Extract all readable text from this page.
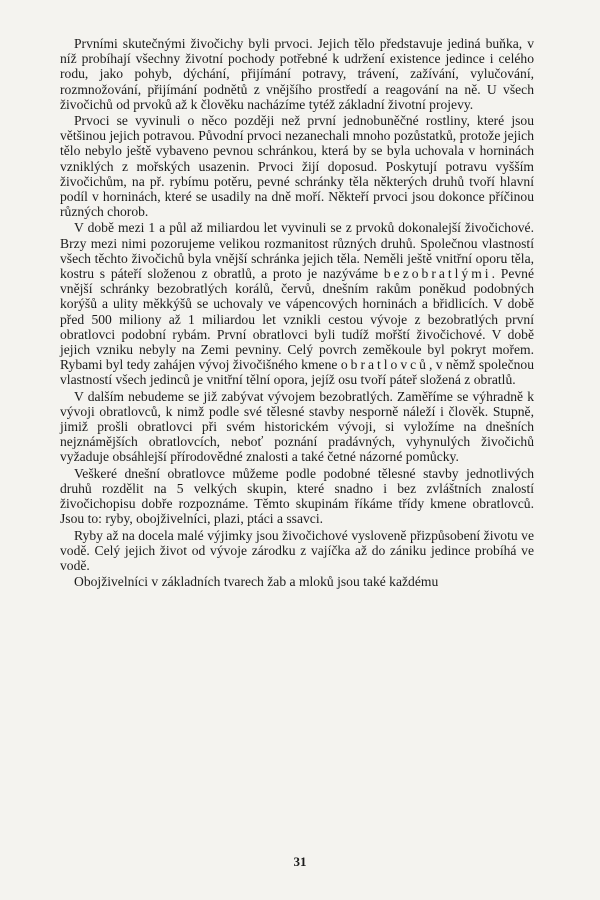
Prvními skutečnými živočichy byli prvoci. Jejich tělo představuje jediná buňka, v níž probíhají všechny životní pochody potřebné k udržení existence jedince i celého rodu, jako pohyb, dýchání, přijímání potravy, trávení, zažívání, vylučování, rozmnožování, přijímání podnětů z vnějšího prostředí a reagování na ně. U všech živočichů od prvoků až k člověku nacházíme tytéž základní životní projevy.

Prvoci se vyvinuli o něco později než první jednobuněčné rostliny, které jsou většinou jejich potravou. Původní prvoci nezanechali mnoho pozůstatků, protože jejich tělo nebylo ještě vybaveno pevnou schránkou, která by se byla uchovala v horninách vzniklých z mořských usazenin. Prvoci žijí doposud. Poskytují potravu vyšším živočichům, na př. rybímu potěru, pevné schránky těla některých druhů tvoří hlavní podíl v horninách, které se usadily na dně moří. Někteří prvoci jsou dokonce příčinou různých chorob.

V době mezi 1 a půl až miliardou let vyvinuli se z prvoků dokonalejší živočichové. Brzy mezi nimi pozorujeme velikou rozmanitost různých druhů. Společnou vlastností všech těchto živočichů byla vnější schránka jejich těla. Neměli ještě vnitřní oporu těla, kostru s páteří složenou z obratlů, a proto je nazýváme bezobratlými. Pevné vnější schránky bezobratlých korálů, červů, dnešním rakům poněkud podobných korýšů a ulity měkkýšů se uchovaly ve vápencových horninách a břidlicích. V době před 500 miliony až 1 miliardou let vznikli cestou vývoje z bezobratlých první obratlovci podobní rybám. První obratlovci byli tudíž mořští živočichové. V době jejich vzniku nebyly na Zemi pevniny. Celý povrch zeměkoule byl pokryt mořem. Rybami byl tedy zahájen vývoj živočišného kmene obratlovců, v němž společnou vlastností všech jedinců je vnitřní tělní opora, jejíž osu tvoří páteř složená z obratlů.

V dalším nebudeme se již zabývat vývojem bezobratlých. Zaměříme se výhradně k vývoji obratlovců, k nimž podle své tělesné stavby nesporně náleží i člověk. Stupně, jimiž prošli obratlovci při svém historickém vývoji, si vyložíme na dnešních nejznámějších obratlovcích, neboť poznání pradávných, vyhynulých živočichů vyžaduje obsáhlejší přírodovědné znalosti a také četné názorné pomůcky.

Veškeré dnešní obratlovce můžeme podle podobné tělesné stavby jednotlivých druhů rozdělit na 5 velkých skupin, které snadno i bez zvláštních znalostí živočichopisu dobře rozpoznáme. Těmto skupinám říkáme třídy kmene obratlovců. Jsou to: ryby, obojživelníci, plazi, ptáci a ssavci.

Ryby až na docela malé výjimky jsou živočichové vysloveně přizpůsobení životu ve vodě. Celý jejich život od vývoje zárodku z vajíčka až do zániku jedince probíhá ve vodě.

Obojživelníci v základních tvarech žab a mloků jsou také každému

31
